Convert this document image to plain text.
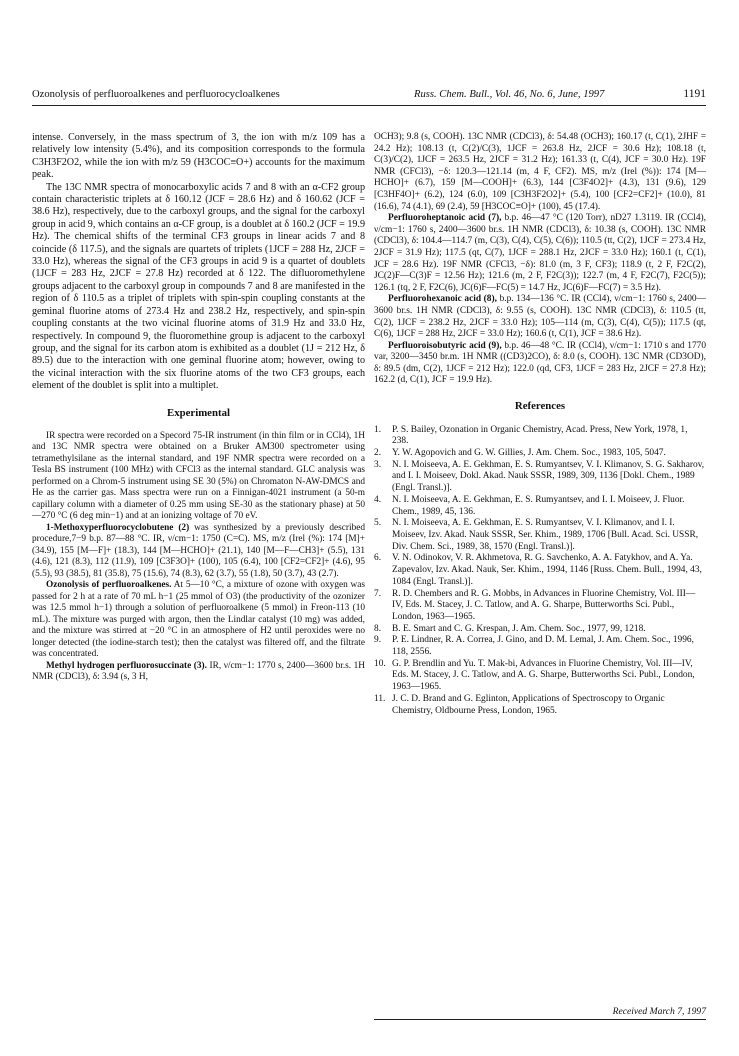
Ozonolysis of perfluoroalkenes and perfluorocycloalkenes	Russ. Chem. Bull., Vol. 46, No. 6, June, 1997	1191

intense. Conversely, in the mass spectrum of 3, the ion with m/z 109 has a relatively low intensity (5.4%), and its composition corresponds to the formula C3H3F2O2, while the ion with m/z 59 (H3COC≡O+) accounts for the maximum peak.

The 13C NMR spectra of monocarboxylic acids 7 and 8 with an α-CF2 group contain characteristic triplets at δ 160.12 (JCF = 28.6 Hz) and δ 160.62 (JCF = 38.6 Hz), respectively, due to the carboxyl groups, and the signal for the carboxyl group in acid 9, which contains an α-CF group, is a doublet at δ 160.2 (JCF = 19.9 Hz). The chemical shifts of the terminal CF3 groups in linear acids 7 and 8 coincide (δ 117.5), and the signals are quartets of triplets (1JCF = 288 Hz, 2JCF = 33.0 Hz), whereas the signal of the CF3 groups in acid 9 is a quartet of doublets (1JCF = 283 Hz, 2JCF = 27.8 Hz) recorded at δ 122. The difluoromethylene groups adjacent to the carboxyl group in compounds 7 and 8 are manifested in the region of δ 110.5 as a triplet of triplets with spin-spin coupling constants at the geminal fluorine atoms of 273.4 Hz and 238.2 Hz, respectively, and spin-spin coupling constants at the two vicinal fluorine atoms of 31.9 Hz and 33.0 Hz, respectively. In compound 9, the fluoromethine group is adjacent to the carboxyl group, and the signal for its carbon atom is exhibited as a doublet (1J = 212 Hz, δ 89.5) due to the interaction with one geminal fluorine atom; however, owing to the vicinal interaction with the six fluorine atoms of the two CF3 groups, each element of the doublet is split into a multiplet.

Experimental

IR spectra were recorded on a Specord 75-IR instrument (in thin film or in CCl4), 1H and 13C NMR spectra were obtained on a Bruker AM300 spectrometer using tetramethylsilane as the internal standard, and 19F NMR spectra were recorded on a Tesla BS instrument (100 MHz) with CFCl3 as the internal standard. GLC analysis was performed on a Chrom-5 instrument using SE 30 (5%) on Chromaton N-AW-DMCS and He as the carrier gas. Mass spectra were run on a Finnigan-4021 instrument (a 50-m capillary column with a diameter of 0.25 mm using SE-30 as the stationary phase) at 50—270 °C (6 deg min−1) and at an ionizing voltage of 70 eV.

1-Methoxyperfluorocyclobutene (2) was synthesized by a previously described procedure,7−9 b.p. 87—88 °C. IR, ν/cm−1: 1750 (C=C). MS, m/z (Irel (%): 174 [M]+ (34.9), 155 [M—F]+ (18.3), 144 [M—HCHO]+ (21.1), 140 [M—F—CH3]+ (5.5), 131 (4.6), 121 (8.3), 112 (11.9), 109 [C3F3O]+ (100), 105 (6.4), 100 [CF2=CF2]+ (4.6), 95 (5.5), 93 (38.5), 81 (35.8), 75 (15.6), 74 (8.3), 62 (3.7), 55 (1.8), 50 (3.7), 43 (2.7).

Ozonolysis of perfluoroalkenes. At 5—10 °C, a mixture of ozone with oxygen was passed for 2 h at a rate of 70 mL h−1 (25 mmol of O3) (the productivity of the ozonizer was 12.5 mmol h−1) through a solution of perfluoroalkene (5 mmol) in Freon-113 (10 mL). The mixture was purged with argon, then the Lindlar catalyst (10 mg) was added, and the mixture was stirred at −20 °C in an atmosphere of H2 until peroxides were no longer detected (the iodine-starch test); then the catalyst was filtered off, and the filtrate was concentrated.

Methyl hydrogen perfluorosuccinate (3). IR, ν/cm−1: 1770 s, 2400—3600 br.s. 1H NMR (CDCl3), δ: 3.94 (s, 3 H,

OCH3); 9.8 (s, COOH). 13C NMR (CDCl3), δ: 54.48 (OCH3); 160.17 (t, C(1), 2JHF = 24.2 Hz); 108.13 (t, C(2)/C(3), 1JCF = 263.8 Hz, 2JCF = 30.6 Hz); 108.18 (t, C(3)/C(2), 1JCF = 263.5 Hz, 2JCF = 31.2 Hz); 161.33 (t, C(4), JCF = 30.0 Hz). 19F NMR (CFCl3), −δ: 120.3—121.14 (m, 4 F, CF2). MS, m/z (Irel (%)): 174 [M—HCHO]+ (6.7), 159 [M—COOH]+ (6.3), 144 [C3F4O2]+ (4.3), 131 (9.6), 129 [C3HF4O]+ (6.2), 124 (6.0), 109 [C3H3F2O2]+ (5.4), 100 [CF2=CF2]+ (10.0), 81 (16.6), 74 (4.1), 69 (2.4), 59 [H3COC≡O]+ (100), 45 (17.4).

Perfluoroheptanoic acid (7), b.p. 46—47 °C (120 Torr), nD27 1.3119. IR (CCl4), ν/cm−1: 1760 s, 2400—3600 br.s. 1H NMR (CDCl3), δ: 10.38 (s, COOH). 13C NMR (CDCl3), δ: 104.4—114.7 (m, C(3), C(4), C(5), C(6)); 110.5 (tt, C(2), 1JCF = 273.4 Hz, 2JCF = 31.9 Hz); 117.5 (qt, C(7), 1JCF = 288.1 Hz, 2JCF = 33.0 Hz); 160.1 (t, C(1), JCF = 28.6 Hz). 19F NMR (CFCl3, −δ): 81.0 (m, 3 F, CF3); 118.9 (t, 2 F, F2C(2), JC(2)F—C(3)F = 12.56 Hz); 121.6 (m, 2 F, F2C(3)); 122.7 (m, 4 F, F2C(7), F2C(5)); 126.1 (tq, 2 F, F2C(6), JC(6)F—FC(5) = 14.7 Hz, JC(6)F—FC(7) = 3.5 Hz).

Perfluorohexanoic acid (8), b.p. 134—136 °C. IR (CCl4), ν/cm−1: 1760 s, 2400—3600 br.s. 1H NMR (CDCl3), δ: 9.55 (s, COOH). 13C NMR (CDCl3), δ: 110.5 (tt, C(2), 1JCF = 238.2 Hz, 2JCF = 33.0 Hz); 105—114 (m, C(3), C(4), C(5)); 117.5 (qt, C(6), 1JCF = 288 Hz, 2JCF = 33.0 Hz); 160.6 (t, C(1), JCF = 38.6 Hz).

Perfluoroisobutyric acid (9), b.p. 46—48 °C. IR (CCl4), ν/cm−1: 1710 s and 1770 var, 3200—3450 br.m. 1H NMR ((CD3)2CO), δ: 8.0 (s, COOH). 13C NMR (CD3OD), δ: 89.5 (dm, C(2), 1JCF = 212 Hz); 122.0 (qd, CF3, 1JCF = 283 Hz, 2JCF = 27.8 Hz); 162.2 (d, C(1), JCF = 19.9 Hz).

References
1. P. S. Bailey, Ozonation in Organic Chemistry, Acad. Press, New York, 1978, 1, 238.
2. Y. W. Agopovich and G. W. Gillies, J. Am. Chem. Soc., 1983, 105, 5047.
3. N. I. Moiseeva, A. E. Gekhman, E. S. Rumyantsev, V. I. Klimanov, S. G. Sakharov, and I. I. Moiseev, Dokl. Akad. Nauk SSSR, 1989, 309, 1136 [Dokl. Chem., 1989 (Engl. Transl.)].
4. N. I. Moiseeva, A. E. Gekhman, E. S. Rumyantsev, and I. I. Moiseev, J. Fluor. Chem., 1989, 45, 136.
5. N. I. Moiseeva, A. E. Gekhman, E. S. Rumyantsev, V. I. Klimanov, and I. I. Moiseev, Izv. Akad. Nauk SSSR, Ser. Khim., 1989, 1706 [Bull. Acad. Sci. USSR, Div. Chem. Sci., 1989, 38, 1570 (Engl. Transl.)].
6. V. N. Odinokov, V. R. Akhmetova, R. G. Savchenko, A. A. Fatykhov, and A. Ya. Zapevalov, Izv. Akad. Nauk, Ser. Khim., 1994, 1146 [Russ. Chem. Bull., 1994, 43, 1084 (Engl. Transl.)].
7. R. D. Chembers and R. G. Mobbs, in Advances in Fluorine Chemistry, Vol. III—IV, Eds. M. Stacey, J. C. Tatlow, and A. G. Sharpe, Butterworths Sci. Publ., London, 1963—1965.
8. B. E. Smart and C. G. Krespan, J. Am. Chem. Soc., 1977, 99, 1218.
9. P. E. Lindner, R. A. Correa, J. Gino, and D. M. Lemal, J. Am. Chem. Soc., 1996, 118, 2556.
10. G. P. Brendlin and Yu. T. Mak-bi, Advances in Fluorine Chemistry, Vol. III—IV, Eds. M. Stacey, J. C. Tatlow, and A. G. Sharpe, Butterworths Sci. Publ., London, 1963—1965.
11. J. C. D. Brand and G. Eglinton, Applications of Spectroscopy to Organic Chemistry, Oldbourne Press, London, 1965.
Received March 7, 1997
